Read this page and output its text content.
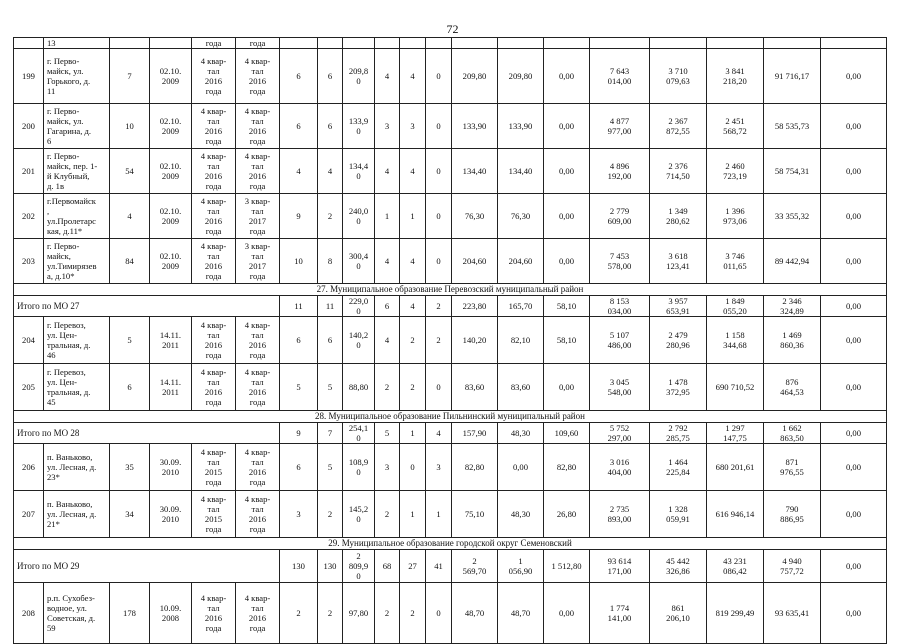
72
	13			года	года														
199	г. Перво-
майск, ул.
Горького, д.
11	7	02.10.
2009	4 квар-
тал
2016
года	4 квар-
тал
2016
года	6	6	209,8
0	4	4	0	209,80	209,80	0,00	7 643
014,00	3 710
079,63	3 841
218,20	91 716,17	0,00
200	г. Перво-
майск, ул.
Гагарина, д.
6	10	02.10.
2009	4 квар-
тал
2016
года	4 квар-
тал
2016
года	6	6	133,9
0	3	3	0	133,90	133,90	0,00	4 877
977,00	2 367
872,55	2 451
568,72	58 535,73	0,00
201	г. Перво-
майск, пер. 1-
й Клубный,
д. 1в	54	02.10.
2009	4 квар-
тал
2016
года	4 квар-
тал
2016
года	4	4	134,4
0	4	4	0	134,40	134,40	0,00	4 896
192,00	2 376
714,50	2 460
723,19	58 754,31	0,00
202	г.Первомайск
,
ул.Пролетарс
кая, д.11*	4	02.10.
2009	4 квар-
тал
2016
года	3 квар-
тал
2017
года	9	2	240,0
0	1	1	0	76,30	76,30	0,00	2 779
609,00	1 349
280,62	1 396
973,06	33 355,32	0,00
203	г. Перво-
майск,
ул.Тимирязев
а, д.10*	84	02.10.
2009	4 квар-
тал
2016
года	3 квар-
тал
2017
года	10	8	300,4
0	4	4	0	204,60	204,60	0,00	7 453
578,00	3 618
123,41	3 746
011,65	89 442,94	0,00
27. Муниципальное образование Перевозский муниципальный район																			
Итого по МО 27						11	11	229,0
0	6	4	2	223,80	165,70	58,10	8 153
034,00	3 957
653,91	1 849
055,20	2 346
324,89	0,00
204	г. Перевоз,
ул. Цен-
тральная, д.
46	5	14.11.
2011	4 квар-
тал
2016
года	4 квар-
тал
2016
года	6	6	140,2
0	4	2	2	140,20	82,10	58,10	5 107
486,00	2 479
280,96	1 158
344,68	1 469
860,36	0,00
205	г. Перевоз,
ул. Цен-
тральная, д.
45	6	14.11.
2011	4 квар-
тал
2016
года	4 квар-
тал
2016
года	5	5	88,80	2	2	0	83,60	83,60	0,00	3 045
548,00	1 478
372,95	690 710,52	876
464,53	0,00
28. Муниципальное образование Пильнинский муниципальный район																			
Итого по МО 28						9	7	254,1
0	5	1	4	157,90	48,30	109,60	5 752
297,00	2 792
285,75	1 297
147,75	1 662
863,50	0,00
206	п. Ваньково,
ул. Лесная, д.
23*	35	30.09.
2010	4 квар-
тал
2015
года	4 квар-
тал
2016
года	6	5	108,9
0	3	0	3	82,80	0,00	82,80	3 016
404,00	1 464
225,84	680 201,61	871
976,55	0,00
207	п. Ваньково,
ул. Лесная, д.
21*	34	30.09.
2010	4 квар-
тал
2015
года	4 квар-
тал
2016
года	3	2	145,2
0	2	1	1	75,10	48,30	26,80	2 735
893,00	1 328
059,91	616 946,14	790
886,95	0,00
29. Муниципальное образование городской округ Семеновский																			
Итого по МО 29						130	130	2
809,9
0	68	27	41	2
569,70	1
056,90	1 512,80	93 614
171,00	45 442
326,86	43 231
086,42	4 940
757,72	0,00
208	р.п. Сухобез-
водное, ул.
Советская, д.
59	178	10.09.
2008	4 квар-
тал
2016
года	4 квар-
тал
2016
года	2	2	97,80	2	2	0	48,70	48,70	0,00	1 774
141,00	861
206,10	819 299,49	93 635,41	0,00
